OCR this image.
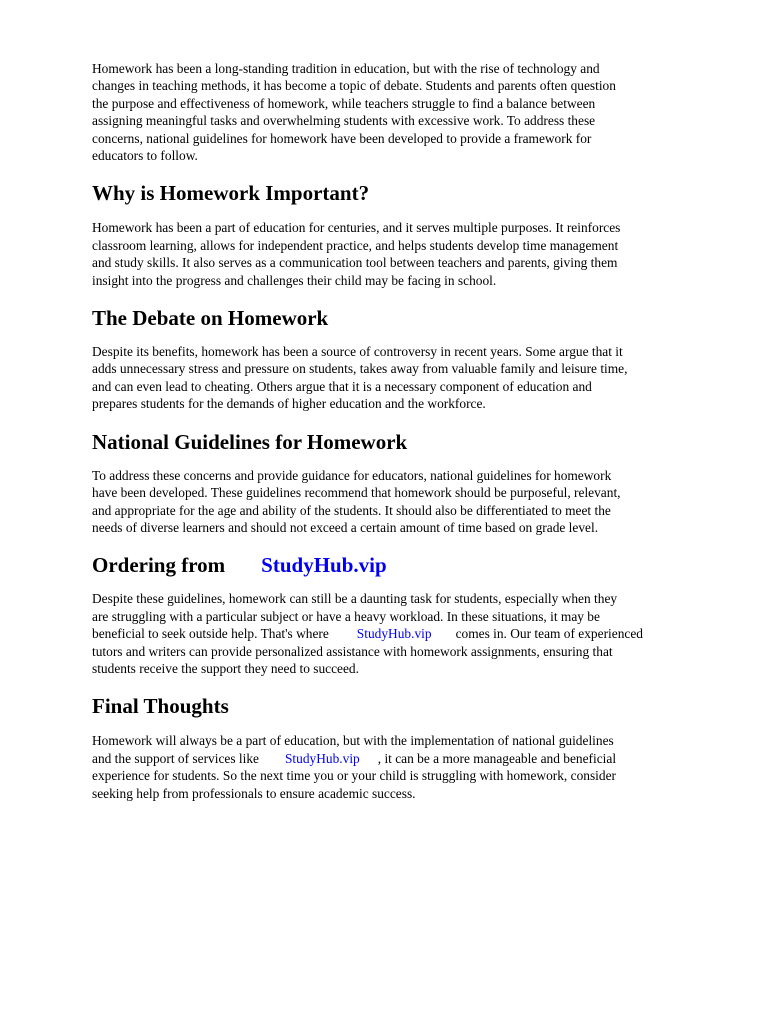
Homework has been a long-standing tradition in education, but with the rise of technology and
changes in teaching methods, it has become a topic of debate. Students and parents often question
the purpose and effectiveness of homework, while teachers struggle to find a balance between
assigning meaningful tasks and overwhelming students with excessive work. To address these
concerns, national guidelines for homework have been developed to provide a framework for
educators to follow.

Why is Homework Important?

Homework has been a part of education for centuries, and it serves multiple purposes. It reinforces
classroom learning, allows for independent practice, and helps students develop time management
and study skills. It also serves as a communication tool between teachers and parents, giving them
insight into the progress and challenges their child may be facing in school.

The Debate on Homework

Despite its benefits, homework has been a source of controversy in recent years. Some argue that it
adds unnecessary stress and pressure on students, takes away from valuable family and leisure time,
and can even lead to cheating. Others argue that it is a necessary component of education and
prepares students for the demands of higher education and the workforce.

National Guidelines for Homework

To address these concerns and provide guidance for educators, national guidelines for homework
have been developed. These guidelines recommend that homework should be purposeful, relevant,
and appropriate for the age and ability of the students. It should also be differentiated to meet the
needs of diverse learners and should not exceed a certain amount of time based on grade level.

Ordering from StudyHub.vip

Despite these guidelines, homework can still be a daunting task for students, especially when they
are struggling with a particular subject or have a heavy workload. In these situations, it may be
beneficial to seek outside help. That's where StudyHub.vip comes in. Our team of experienced
tutors and writers can provide personalized assistance with homework assignments, ensuring that
students receive the support they need to succeed.

Final Thoughts

Homework will always be a part of education, but with the implementation of national guidelines
and the support of services like StudyHub.vip , it can be a more manageable and beneficial
experience for students. So the next time you or your child is struggling with homework, consider
seeking help from professionals to ensure academic success.
